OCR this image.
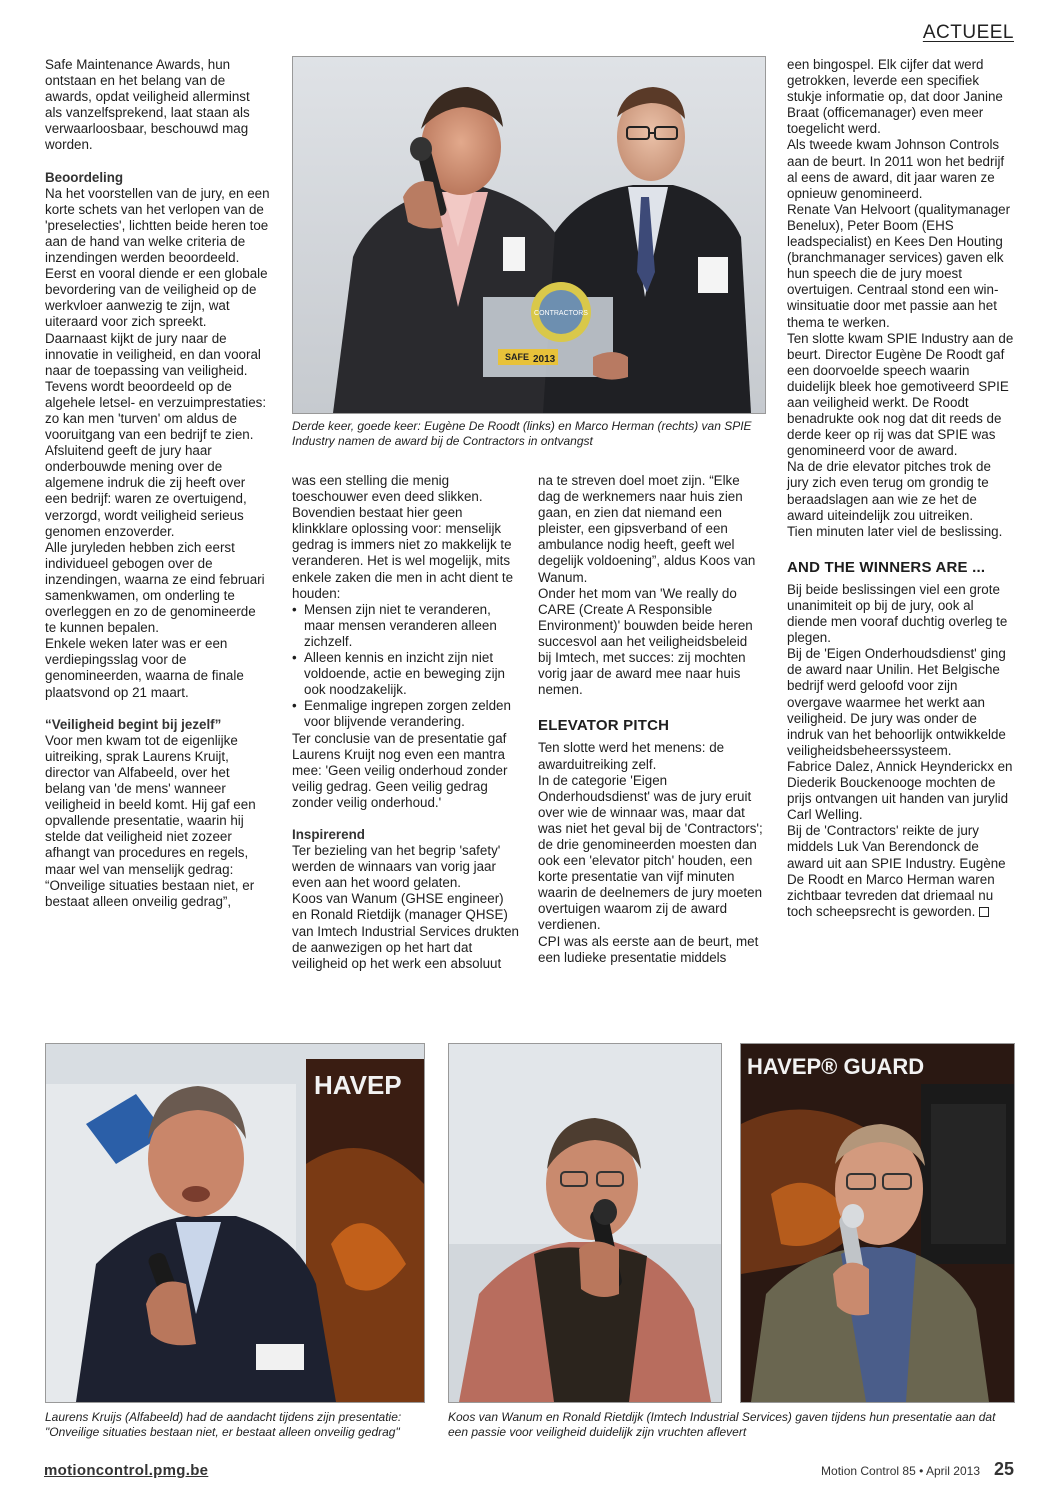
ACTUEEL

Safe Maintenance Awards, hun ontstaan en het belang van de awards, opdat veiligheid allerminst als vanzelfsprekend, laat staan als verwaarloosbaar, beschouwd mag worden.

Beoordeling

Na het voorstellen van de jury, en een korte schets van het verlopen van de 'preselecties', lichtten beide heren toe aan de hand van welke criteria de inzendingen werden beoordeeld.

Eerst en vooral diende er een globale bevordering van de veiligheid op de werkvloer aanwezig te zijn, wat uiteraard voor zich spreekt.

Daarnaast kijkt de jury naar de innovatie in veiligheid, en dan vooral naar de toepassing van veiligheid.

Tevens wordt beoordeeld op de algehele letsel- en verzuimprestaties: zo kan men 'turven' om aldus de vooruitgang van een bedrijf te zien.

Afsluitend geeft de jury haar onderbouwde mening over de algemene indruk die zij heeft over een bedrijf: waren ze overtuigend, verzorgd, wordt veiligheid serieus genomen enzoverder.

Alle juryleden hebben zich eerst individueel gebogen over de inzendingen, waarna ze eind februari samenkwamen, om onderling te overleggen en zo de genomineerde te kunnen bepalen.

Enkele weken later was er een verdiepingsslag voor de genomineerden, waarna de finale plaatsvond op 21 maart.

“Veiligheid begint bij jezelf”

Voor men kwam tot de eigenlijke uitreiking, sprak Laurens Kruijt, director van Alfabeeld, over het belang van 'de mens' wanneer veiligheid in beeld komt. Hij gaf een opvallende presentatie, waarin hij stelde dat veiligheid niet zozeer afhangt van procedures en regels, maar wel van menselijk gedrag: “Onveilige situaties bestaan niet, er bestaat alleen onveilig gedrag”,

CONTRACTORS
SAFE 2013
Derde keer, goede keer: Eugène De Roodt (links) en Marco Herman (rechts) van SPIE Industry namen de award bij de Contractors in ontvangst

was een stelling die menig toeschouwer even deed slikken. Bovendien bestaat hier geen klinkklare oplossing voor: menselijk gedrag is immers niet zo makkelijk te veranderen. Het is wel mogelijk, mits enkele zaken die men in acht dient te houden:

• Mensen zijn niet te veranderen, maar mensen veranderen alleen zichzelf.
• Alleen kennis en inzicht zijn niet voldoende, actie en beweging zijn ook noodzakelijk.
• Eenmalige ingrepen zorgen zelden voor blijvende verandering.

Ter conclusie van de presentatie gaf Laurens Kruijt nog even een mantra mee: 'Geen veilig onderhoud zonder veilig gedrag. Geen veilig gedrag zonder veilig onderhoud.'

Inspirerend

Ter bezieling van het begrip 'safety' werden de winnaars van vorig jaar even aan het woord gelaten.

Koos van Wanum (GHSE engineer) en Ronald Rietdijk (manager QHSE) van Imtech Industrial Services drukten de aanwezigen op het hart dat veiligheid op het werk een absoluut

na te streven doel moet zijn. “Elke dag de werknemers naar huis zien gaan, en zien dat niemand een pleister, een gipsverband of een ambulance nodig heeft, geeft wel degelijk voldoening”, aldus Koos van Wanum.

Onder het mom van 'We really do CARE (Create A Responsible Environment)' bouwden beide heren succesvol aan het veiligheidsbeleid bij Imtech, met succes: zij mochten vorig jaar de award mee naar huis nemen.

ELEVATOR PITCH

Ten slotte werd het menens: de awarduitreiking zelf.

In de categorie 'Eigen Onderhoudsdienst' was de jury eruit over wie de winnaar was, maar dat was niet het geval bij de 'Contractors'; de drie genomineerden moesten dan ook een 'elevator pitch' houden, een korte presentatie van vijf minuten waarin de deelnemers de jury moeten overtuigen waarom zij de award verdienen.

CPI was als eerste aan de beurt, met een ludieke presentatie middels

een bingospel. Elk cijfer dat werd getrokken, leverde een specifiek stukje informatie op, dat door Janine Braat (officemanager) even meer toegelicht werd.

Als tweede kwam Johnson Controls aan de beurt. In 2011 won het bedrijf al eens de award, dit jaar waren ze opnieuw genomineerd.

Renate Van Helvoort (qualitymanager Benelux), Peter Boom (EHS leadspecialist) en Kees Den Houting (branchmanager services) gaven elk hun speech die de jury moest overtuigen. Centraal stond een win-winsituatie door met passie aan het thema te werken.

Ten slotte kwam SPIE Industry aan de beurt. Director Eugène De Roodt gaf een doorvoelde speech waarin duidelijk bleek hoe gemotiveerd SPIE aan veiligheid werkt. De Roodt benadrukte ook nog dat dit reeds de derde keer op rij was dat SPIE was genomineerd voor de award.

Na de drie elevator pitches trok de jury zich even terug om grondig te beraadslagen aan wie ze het de award uiteindelijk zou uitreiken.

Tien minuten later viel de beslissing.

AND THE WINNERS ARE ...

Bij beide beslissingen viel een grote unanimiteit op bij de jury, ook al diende men vooraf duchtig overleg te plegen.

Bij de 'Eigen Onderhoudsdienst' ging de award naar Unilin. Het Belgische bedrijf werd geloofd voor zijn overgave waarmee het werkt aan veiligheid. De jury was onder de indruk van het behoorlijk ontwikkelde veiligheidsbeheerssysteem.

Fabrice Dalez, Annick Heynderickx en Diederik Bouckenooge mochten de prijs ontvangen uit handen van jurylid Carl Welling.

Bij de 'Contractors' reikte de jury middels Luk Van Berendonck de award uit aan SPIE Industry. Eugène De Roodt en Marco Herman waren zichtbaar tevreden dat driemaal nu toch scheepsrecht is geworden.

HAVEP
HAVEP® GUARD
Laurens Kruijs (Alfabeeld) had de aandacht tijdens zijn presentatie: "Onveilige situaties bestaan niet, er bestaat alleen onveilig gedrag"
Koos van Wanum en Ronald Rietdijk (Imtech Industrial Services) gaven tijdens hun presentatie aan dat een passie voor veiligheid duidelijk zijn vruchten aflevert
motioncontrol.pmg.be	Motion Control 85 • April 2013 25
